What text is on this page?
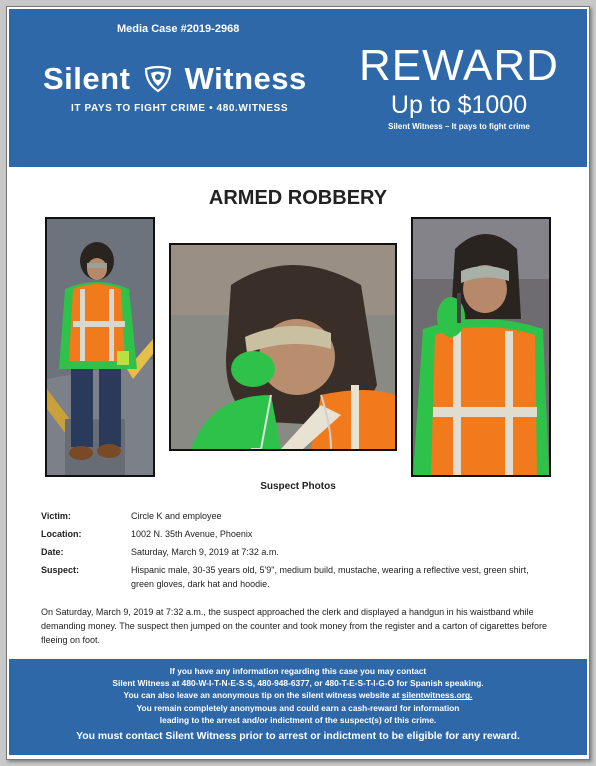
Media Case #2019-2968
Silent Witness
IT PAYS TO FIGHT CRIME • 480.WITNESS
REWARD
Up to $1000
Silent Witness – It pays to fight crime
ARMED ROBBERY
Suspect Photos
Victim:	Circle K and employee
Location:	1002 N. 35th Avenue, Phoenix
Date:	Saturday, March 9, 2019 at 7:32 a.m.
Suspect:	Hispanic male, 30-35 years old, 5'9", medium build, mustache, wearing a reflective vest, green shirt, green gloves, dark hat and hoodie.
On Saturday, March 9, 2019 at 7:32 a.m., the suspect approached the clerk and displayed a handgun in his waistband while demanding money. The suspect then jumped on the counter and took money from the register and a carton of cigarettes before fleeing on foot.
If you have any information regarding this case you may contact
Silent Witness at 480-W-I-T-N-E-S-S, 480-948-6377, or 480-T-E-S-T-I-G-O for Spanish speaking.
You can also leave an anonymous tip on the silent witness website at silentwitness.org.
You remain completely anonymous and could earn a cash-reward for information
leading to the arrest and/or indictment of the suspect(s) of this crime.
You must contact Silent Witness prior to arrest or indictment to be eligible for any reward.
